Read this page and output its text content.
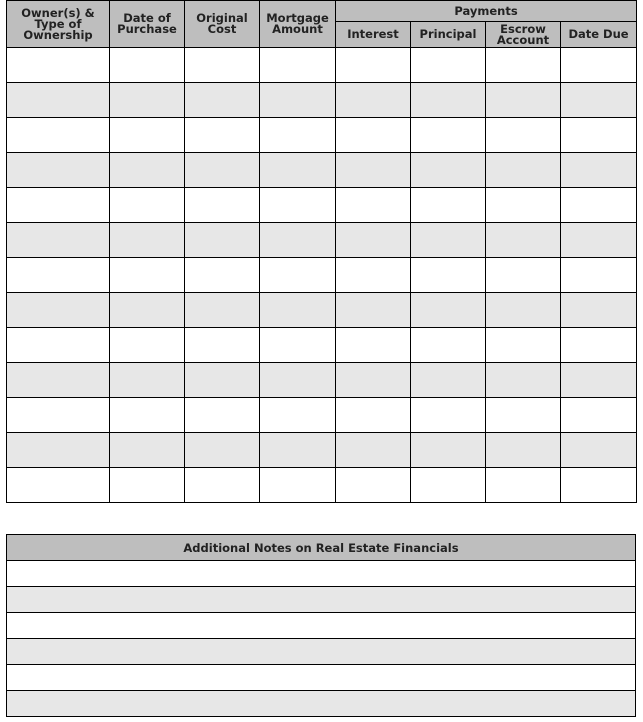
Owner(s) & Type of Ownership	Date of Purchase	Original Cost	Mortgage Amount	Payments			
				Interest	Principal	Escrow Account	Date Due

Additional Notes on Real Estate Financials
